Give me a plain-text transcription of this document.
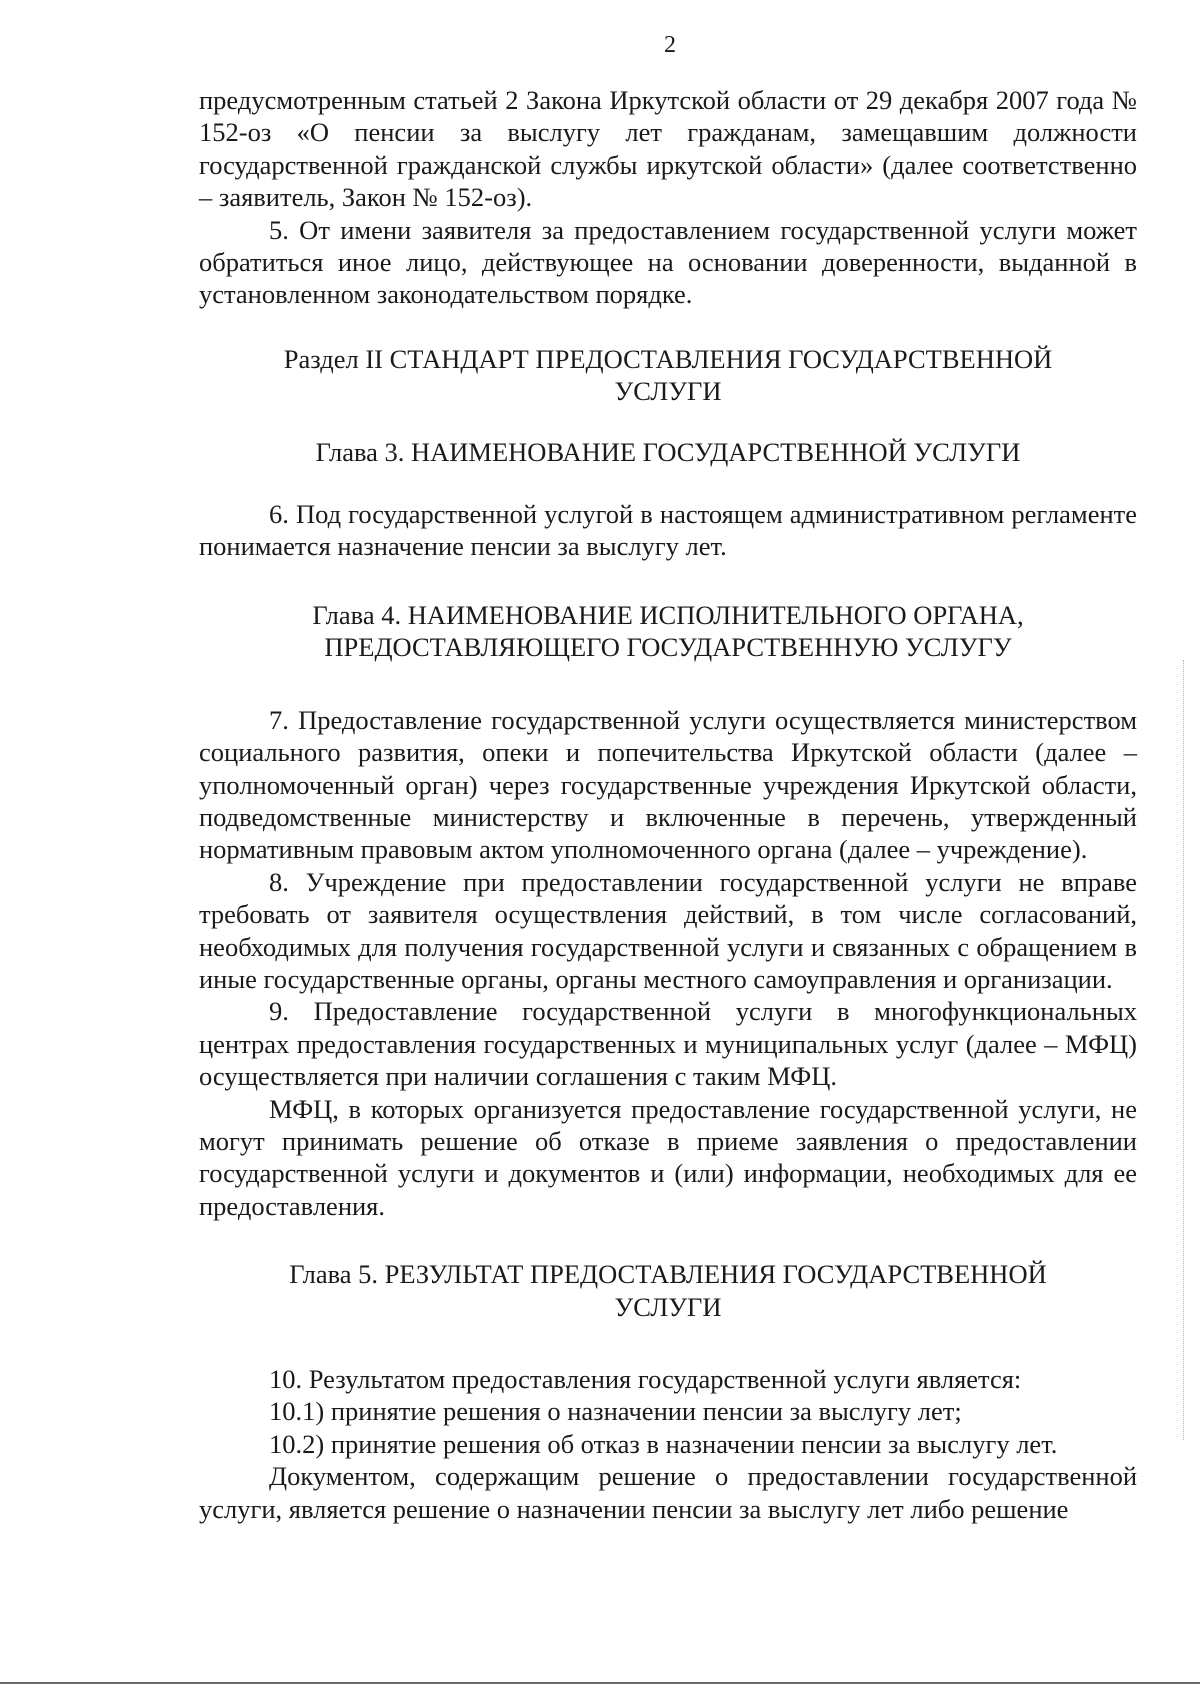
2

предусмотренным статьей 2 Закона Иркутской области от 29 декабря 2007 года № 152-оз «О пенсии за выслугу лет гражданам, замещавшим должности государственной гражданской службы иркутской области» (далее соответственно – заявитель, Закон № 152-оз).

5. От имени заявителя за предоставлением государственной услуги может обратиться иное лицо, действующее на основании доверенности, выданной в установленном законодательством порядке.

Раздел II СТАНДАРТ ПРЕДОСТАВЛЕНИЯ ГОСУДАРСТВЕННОЙ
УСЛУГИ
Глава 3. НАИМЕНОВАНИЕ ГОСУДАРСТВЕННОЙ УСЛУГИ

6. Под государственной услугой в настоящем административном регламенте понимается назначение пенсии за выслугу лет.

Глава 4. НАИМЕНОВАНИЕ ИСПОЛНИТЕЛЬНОГО ОРГАНА,
ПРЕДОСТАВЛЯЮЩЕГО ГОСУДАРСТВЕННУЮ УСЛУГУ

7. Предоставление государственной услуги осуществляется министерством социального развития, опеки и попечительства Иркутской области (далее – уполномоченный орган) через государственные учреждения Иркутской области, подведомственные министерству и включенные в перечень, утвержденный нормативным правовым актом уполномоченного органа (далее – учреждение).

8. Учреждение при предоставлении государственной услуги не вправе требовать от заявителя осуществления действий, в том числе согласований, необходимых для получения государственной услуги и связанных с обращением в иные государственные органы, органы местного самоуправления и организации.

9. Предоставление государственной услуги в многофункциональных центрах предоставления государственных и муниципальных услуг (далее – МФЦ) осуществляется при наличии соглашения с таким МФЦ.

МФЦ, в которых организуется предоставление государственной услуги, не могут принимать решение об отказе в приеме заявления о предоставлении государственной услуги и документов и (или) информации, необходимых для ее предоставления.

Глава 5. РЕЗУЛЬТАТ ПРЕДОСТАВЛЕНИЯ ГОСУДАРСТВЕННОЙ
УСЛУГИ

10. Результатом предоставления государственной услуги является:

10.1) принятие решения о назначении пенсии за выслугу лет;

10.2) принятие решения об отказ в назначении пенсии за выслугу лет.

Документом, содержащим решение о предоставлении государственной услуги, является решение о назначении пенсии за выслугу лет либо решение
